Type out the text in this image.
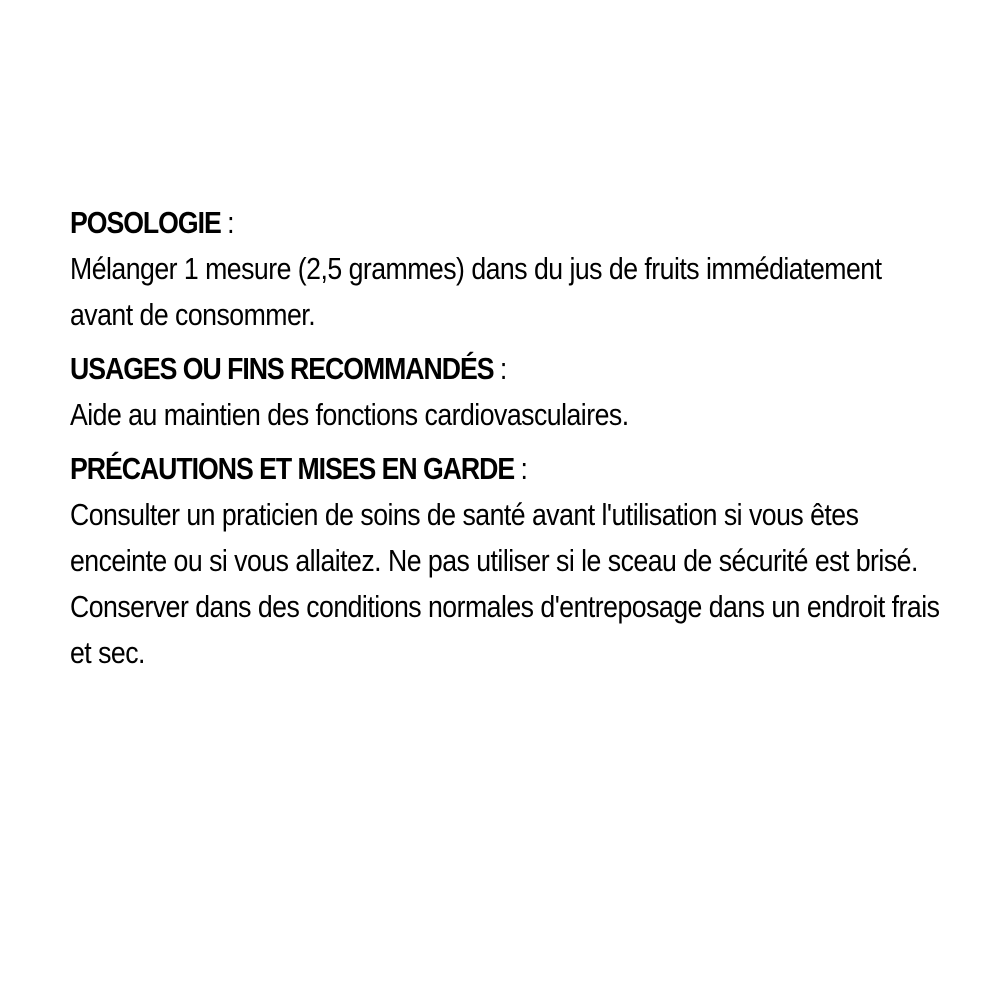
POSOLOGIE :

Mélanger 1 mesure (2,5 grammes) dans du jus de fruits immédiatement avant de consommer.

USAGES OU FINS RECOMMANDÉS :

Aide au maintien des fonctions cardiovasculaires.

PRÉCAUTIONS ET MISES EN GARDE :

Consulter un praticien de soins de santé avant l'utilisation si vous êtes enceinte ou si vous allaitez. Ne pas utiliser si le sceau de sécurité est brisé. Conserver dans des conditions normales d'entreposage dans un endroit frais et sec.
